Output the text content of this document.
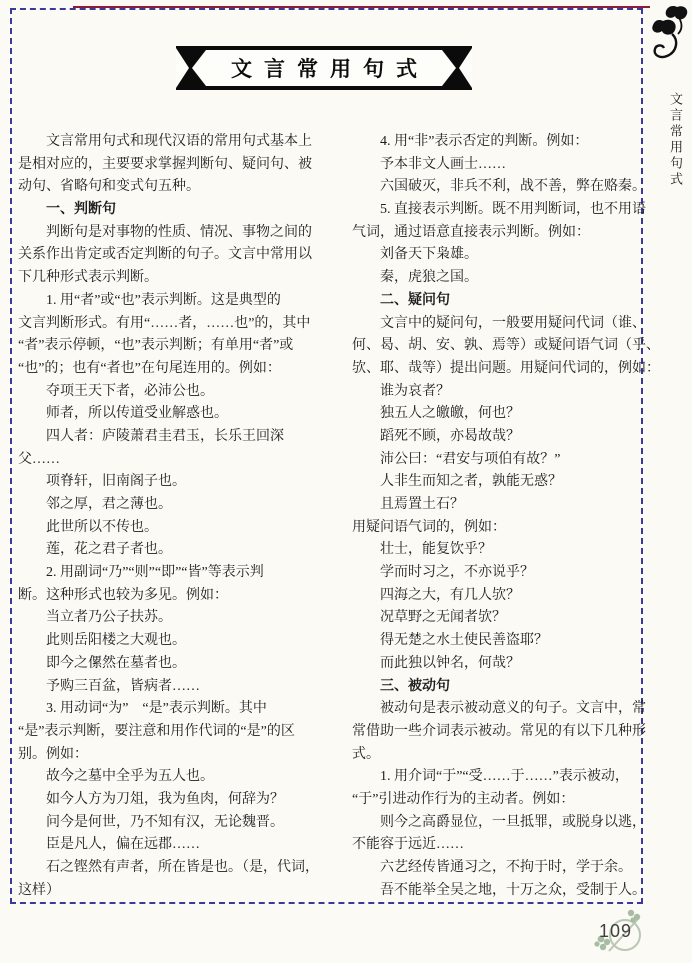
文言常用句式
　　文言常用句式和现代汉语的常用句式基本上
是相对应的，主要要求掌握判断句、疑问句、被
动句、省略句和变式句五种。
　　一、判断句
　　判断句是对事物的性质、情况、事物之间的
关系作出肯定或否定判断的句子。文言中常用以
下几种形式表示判断。
　　1. 用“者”或“也”表示判断。这是典型的
文言判断形式。有用“……者，……也”的，其中
“者”表示停顿，“也”表示判断；有单用“者”或
“也”的；也有“者也”在句尾连用的。例如：
　　夺项王天下者，必沛公也。
　　师者，所以传道受业解惑也。
　　四人者：庐陵萧君圭君玉，长乐王回深
父……
　　项脊轩，旧南阁子也。
　　邻之厚，君之薄也。
　　此世所以不传也。
　　莲，花之君子者也。
　　2. 用副词“乃”“则”“即”“皆”等表示判
断。这种形式也较为多见。例如：
　　当立者乃公子扶苏。
　　此则岳阳楼之大观也。
　　即今之傫然在墓者也。
　　予购三百盆，皆病者……
　　3. 用动词“为”　“是”表示判断。其中
“是”表示判断，要注意和用作代词的“是”的区
别。例如：
　　故今之墓中全乎为五人也。
　　如今人方为刀俎，我为鱼肉，何辞为？
　　问今是何世，乃不知有汉，无论魏晋。
　　臣是凡人，偏在远郡……
　　石之铿然有声者，所在皆是也。（是，代词，
这样）
　　4. 用“非”表示否定的判断。例如：
　　予本非文人画士……
　　六国破灭，非兵不利，战不善，弊在赂秦。
　　5. 直接表示判断。既不用判断词，也不用语
气词，通过语意直接表示判断。例如：
　　刘备天下枭雄。
　　秦，虎狼之国。
　　二、疑问句
　　文言中的疑问句，一般要用疑问代词（谁、
何、曷、胡、安、孰、焉等）或疑问语气词（乎、
欤、耶、哉等）提出问题。用疑问代词的，例如：
　　谁为哀者？
　　独五人之皦皦，何也？
　　蹈死不顾，亦曷故哉？
　　沛公曰：“君安与项伯有故？”
　　人非生而知之者，孰能无惑？
　　且焉置土石？
用疑问语气词的，例如：
　　壮士，能复饮乎？
　　学而时习之，不亦说乎？
　　四海之大，有几人欤？
　　况草野之无闻者欤？
　　得无楚之水土使民善盗耶？
　　而此独以钟名，何哉？
　　三、被动句
　　被动句是表示被动意义的句子。文言中，常
常借助一些介词表示被动。常见的有以下几种形
式。
　　1. 用介词“于”“受……于……”表示被动，
“于”引进动作行为的主动者。例如：
　　则今之高爵显位，一旦抵罪，或脱身以逃，
不能容于远近……
　　六艺经传皆通习之，不拘于时，学于余。
　　吾不能举全吴之地，十万之众，受制于人。
文言常用句式
109
